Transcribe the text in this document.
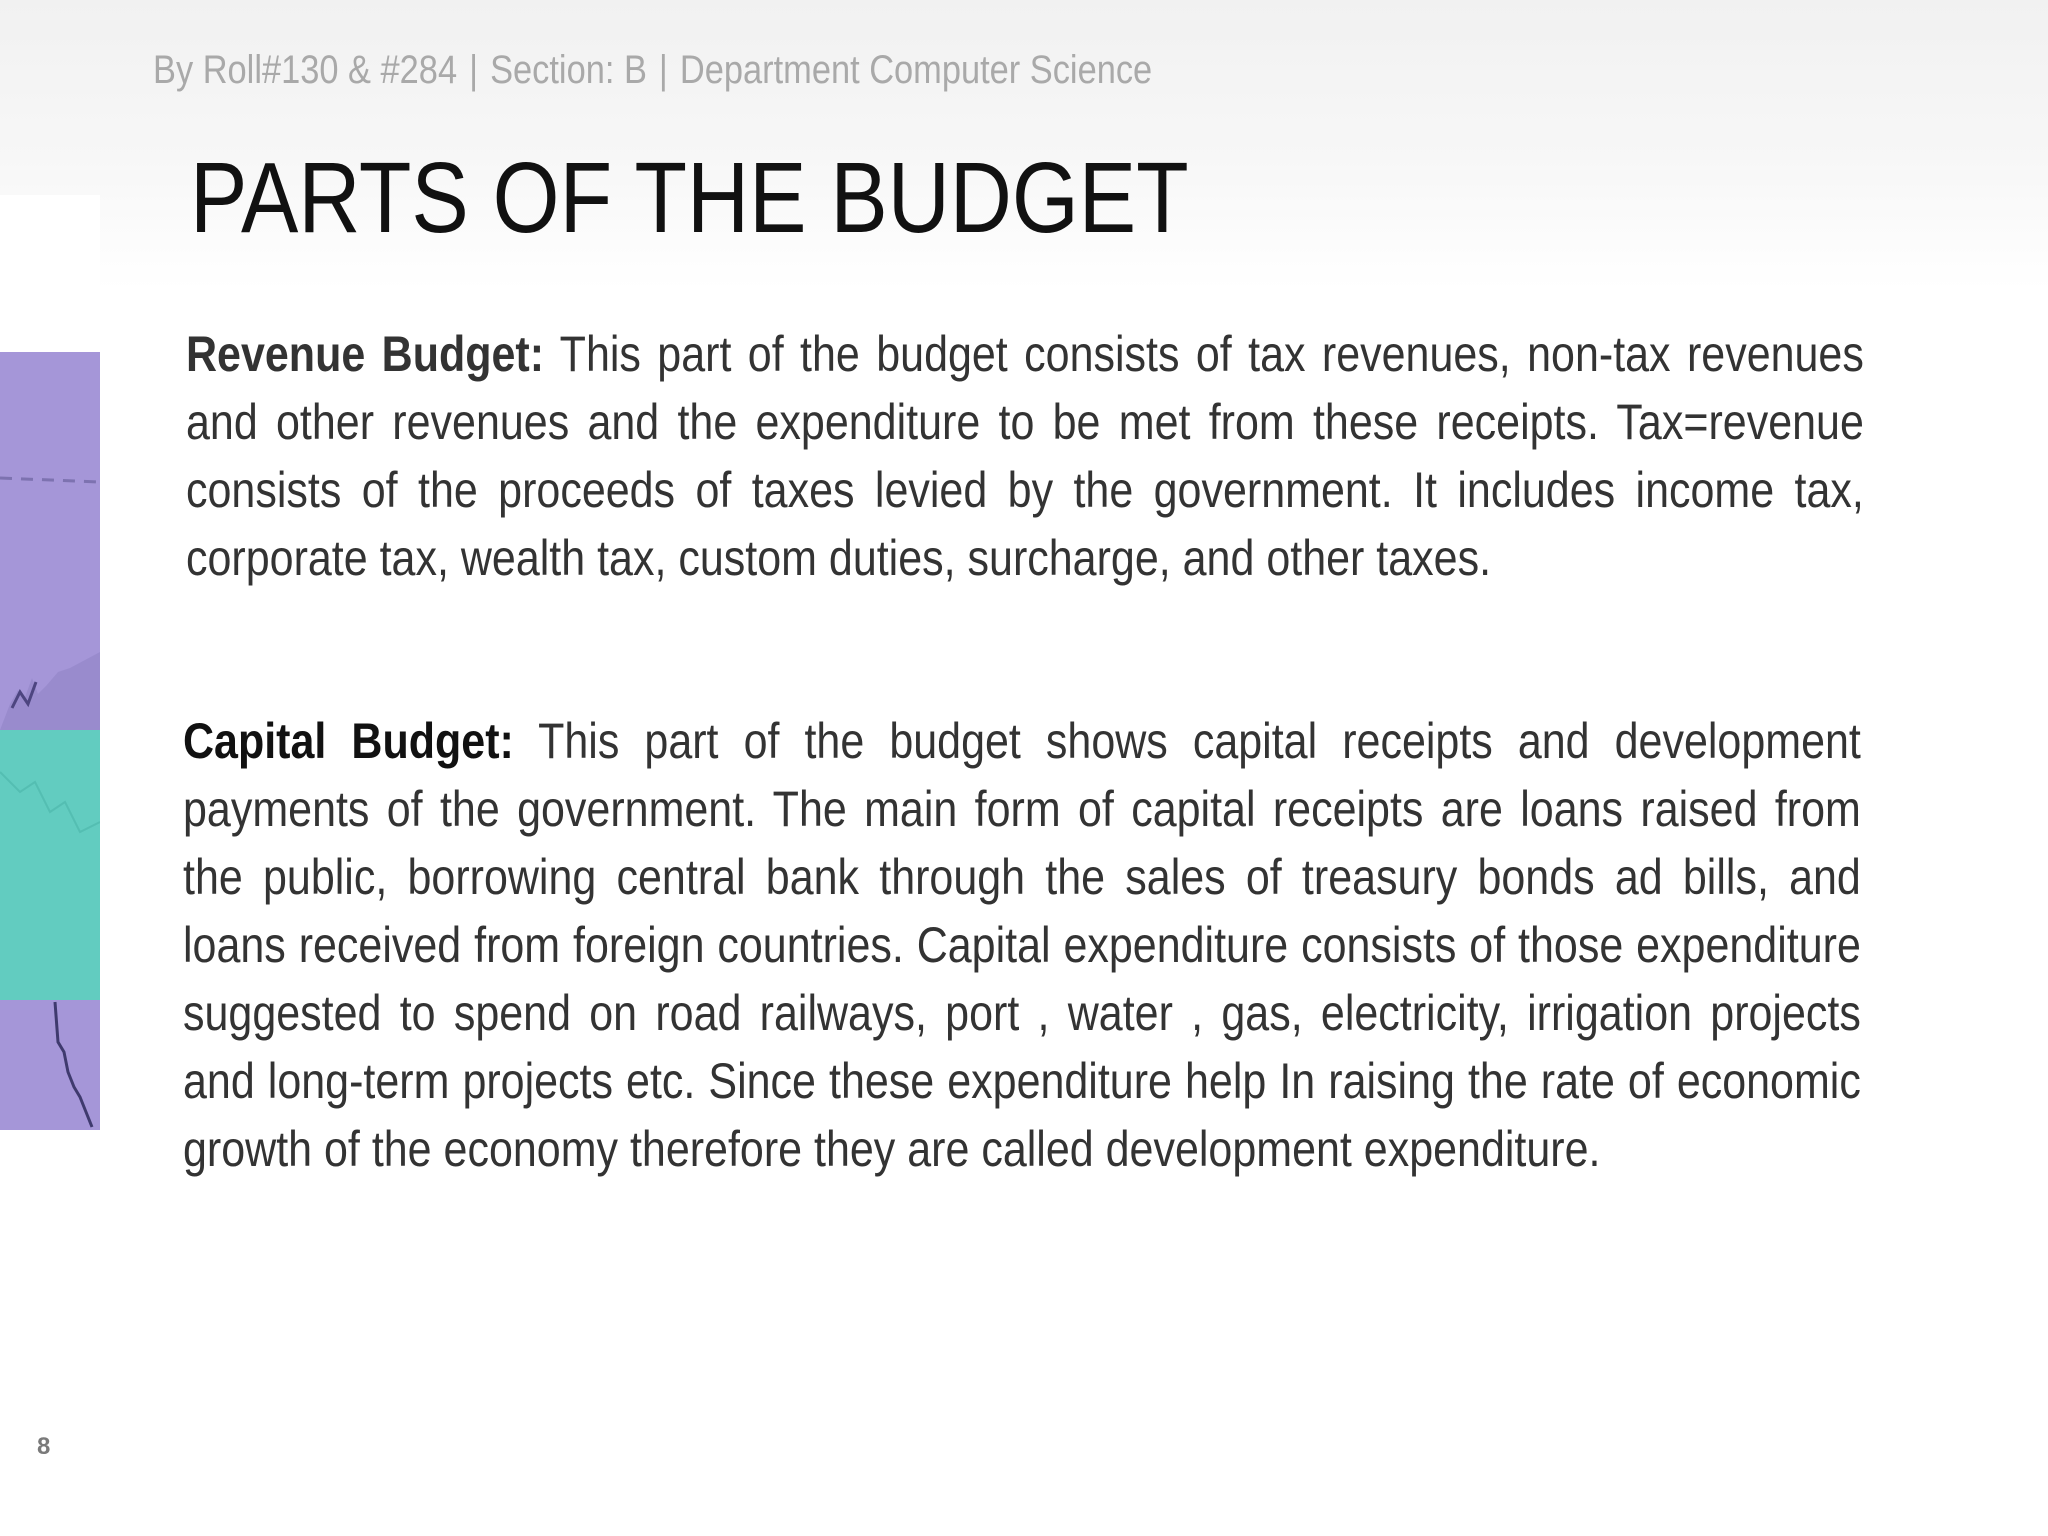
By Roll#130 & #284 | Section: B | Department Computer Science
PARTS OF THE BUDGET
Revenue Budget: This part of the budget consists of tax revenues, non-tax revenues and other revenues and the expenditure to be met from these receipts. Tax=revenue consists of the proceeds of taxes levied by the government. It includes income tax, corporate tax, wealth tax, custom duties, surcharge, and other taxes.
Capital Budget: This part of the budget shows capital receipts and development payments of the government. The main form of capital receipts are loans raised from the public, borrowing central bank through the sales of treasury bonds ad bills, and loans received from foreign countries. Capital expenditure consists of those expenditure suggested to spend on road railways, port , water , gas, electricity, irrigation projects and long-term projects etc. Since these expenditure help In raising the rate of economic growth of the economy therefore they are called development expenditure.
8
